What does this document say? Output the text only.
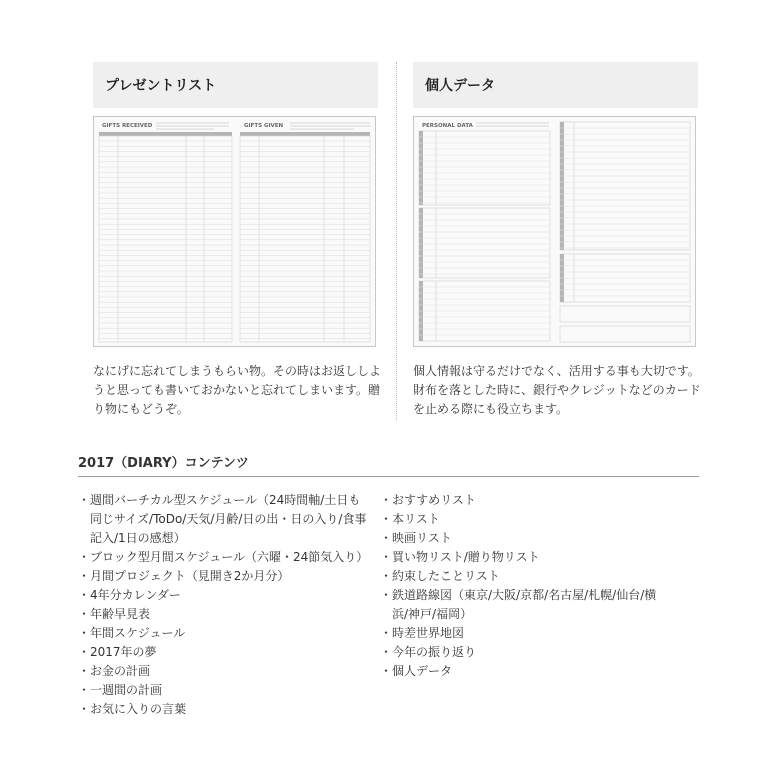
プレゼントリスト
GIFTS RECEIVED	GIFTS GIVEN

なにげに忘れてしまうもらい物。その時はお返ししようと思っても書いておかないと忘れてしまいます。贈り物にもどうぞ。

個人データ
PERSONAL DATA

個人情報は守るだけでなく、活用する事も大切です。財布を落とした時に、銀行やクレジットなどのカードを止める際にも役立ちます。

2017（DIARY）コンテンツ
・週間バーチカル型スケジュール（24時間軸/土日も同じサイズ/ToDo/天気/月齢/日の出・日の入り/食事記入/1日の感想）
・ブロック型月間スケジュール（六曜・24節気入り）
・月間プロジェクト（見開き2か月分）
・4年分カレンダー
・年齢早見表
・年間スケジュール
・2017年の夢
・お金の計画
・一週間の計画
・お気に入りの言葉
・おすすめリスト
・本リスト
・映画リスト
・買い物リスト/贈り物リスト
・約束したことリスト
・鉄道路線図（東京/大阪/京都/名古屋/札幌/仙台/横浜/神戸/福岡）
・時差世界地図
・今年の振り返り
・個人データ
